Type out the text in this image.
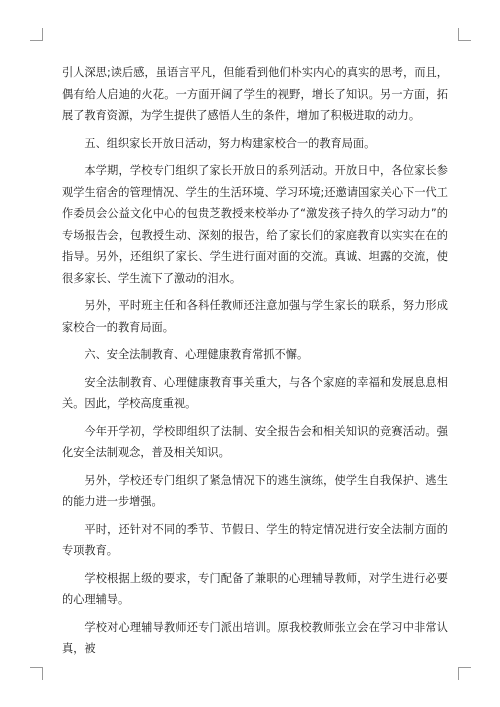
引人深思;读后感，虽语言平凡，但能看到他们朴实内心的真实的思考，而且，偶有给人启迪的火花。一方面开阔了学生的视野，增长了知识。另一方面，拓展了教育资源，为学生提供了感悟人生的条件，增加了积极进取的动力。

五、组织家长开放日活动，努力构建家校合一的教育局面。

本学期，学校专门组织了家长开放日的系列活动。开放日中，各位家长参观学生宿舍的管理情况、学生的生活环境、学习环境;还邀请国家关心下一代工作委员会公益文化中心的包贵芝教授来校举办了“激发孩子持久的学习动力”的专场报告会，包教授生动、深刻的报告，给了家长们的家庭教育以实实在在的指导。另外，还组织了家长、学生进行面对面的交流。真诚、坦露的交流，使很多家长、学生流下了激动的泪水。

另外，平时班主任和各科任教师还注意加强与学生家长的联系，努力形成家校合一的教育局面。

六、安全法制教育、心理健康教育常抓不懈。

安全法制教育、心理健康教育事关重大，与各个家庭的幸福和发展息息相关。因此，学校高度重视。

今年开学初，学校即组织了法制、安全报告会和相关知识的竞赛活动。强化安全法制观念，普及相关知识。

另外，学校还专门组织了紧急情况下的逃生演练，使学生自我保护、逃生的能力进一步增强。

平时，还针对不同的季节、节假日、学生的特定情况进行安全法制方面的专项教育。

学校根据上级的要求，专门配备了兼职的心理辅导教师，对学生进行必要的心理辅导。

学校对心理辅导教师还专门派出培训。原我校教师张立会在学习中非常认真，被
